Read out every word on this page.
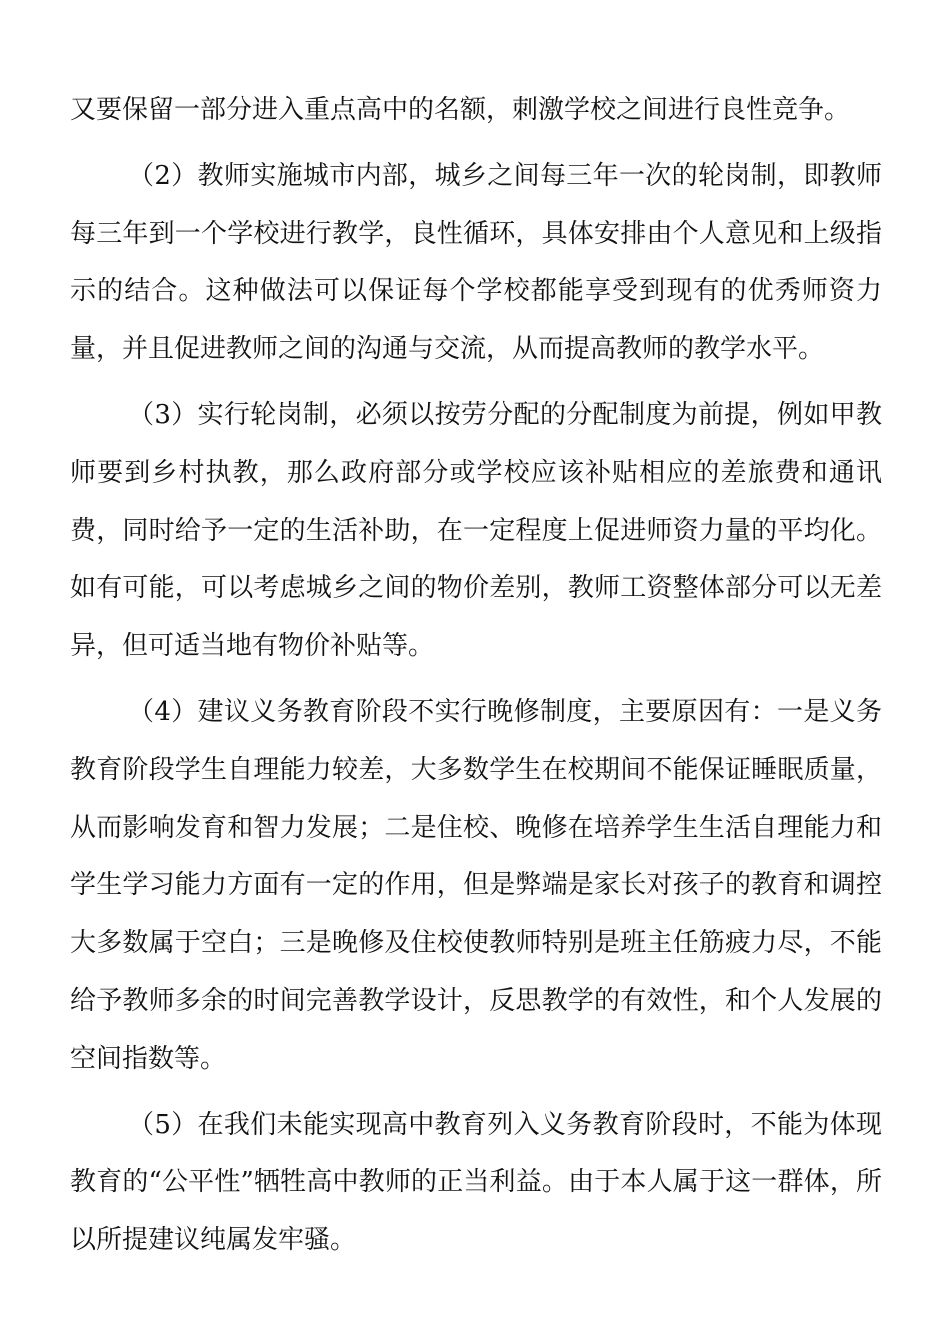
又要保留一部分进入重点高中的名额，刺激学校之间进行良性竞争。

（2）教师实施城市内部，城乡之间每三年一次的轮岗制，即教师每三年到一个学校进行教学，良性循环，具体安排由个人意见和上级指示的结合。这种做法可以保证每个学校都能享受到现有的优秀师资力量，并且促进教师之间的沟通与交流，从而提高教师的教学水平。

（3）实行轮岗制，必须以按劳分配的分配制度为前提，例如甲教师要到乡村执教，那么政府部分或学校应该补贴相应的差旅费和通讯费，同时给予一定的生活补助，在一定程度上促进师资力量的平均化。如有可能，可以考虑城乡之间的物价差别，教师工资整体部分可以无差异，但可适当地有物价补贴等。

（4）建议义务教育阶段不实行晚修制度，主要原因有：一是义务教育阶段学生自理能力较差，大多数学生在校期间不能保证睡眠质量，从而影响发育和智力发展；二是住校、晚修在培养学生生活自理能力和学生学习能力方面有一定的作用，但是弊端是家长对孩子的教育和调控大多数属于空白；三是晚修及住校使教师特别是班主任筋疲力尽，不能给予教师多余的时间完善教学设计，反思教学的有效性，和个人发展的空间指数等。

（5）在我们未能实现高中教育列入义务教育阶段时，不能为体现教育的“公平性”牺牲高中教师的正当利益。由于本人属于这一群体，所以所提建议纯属发牢骚。
